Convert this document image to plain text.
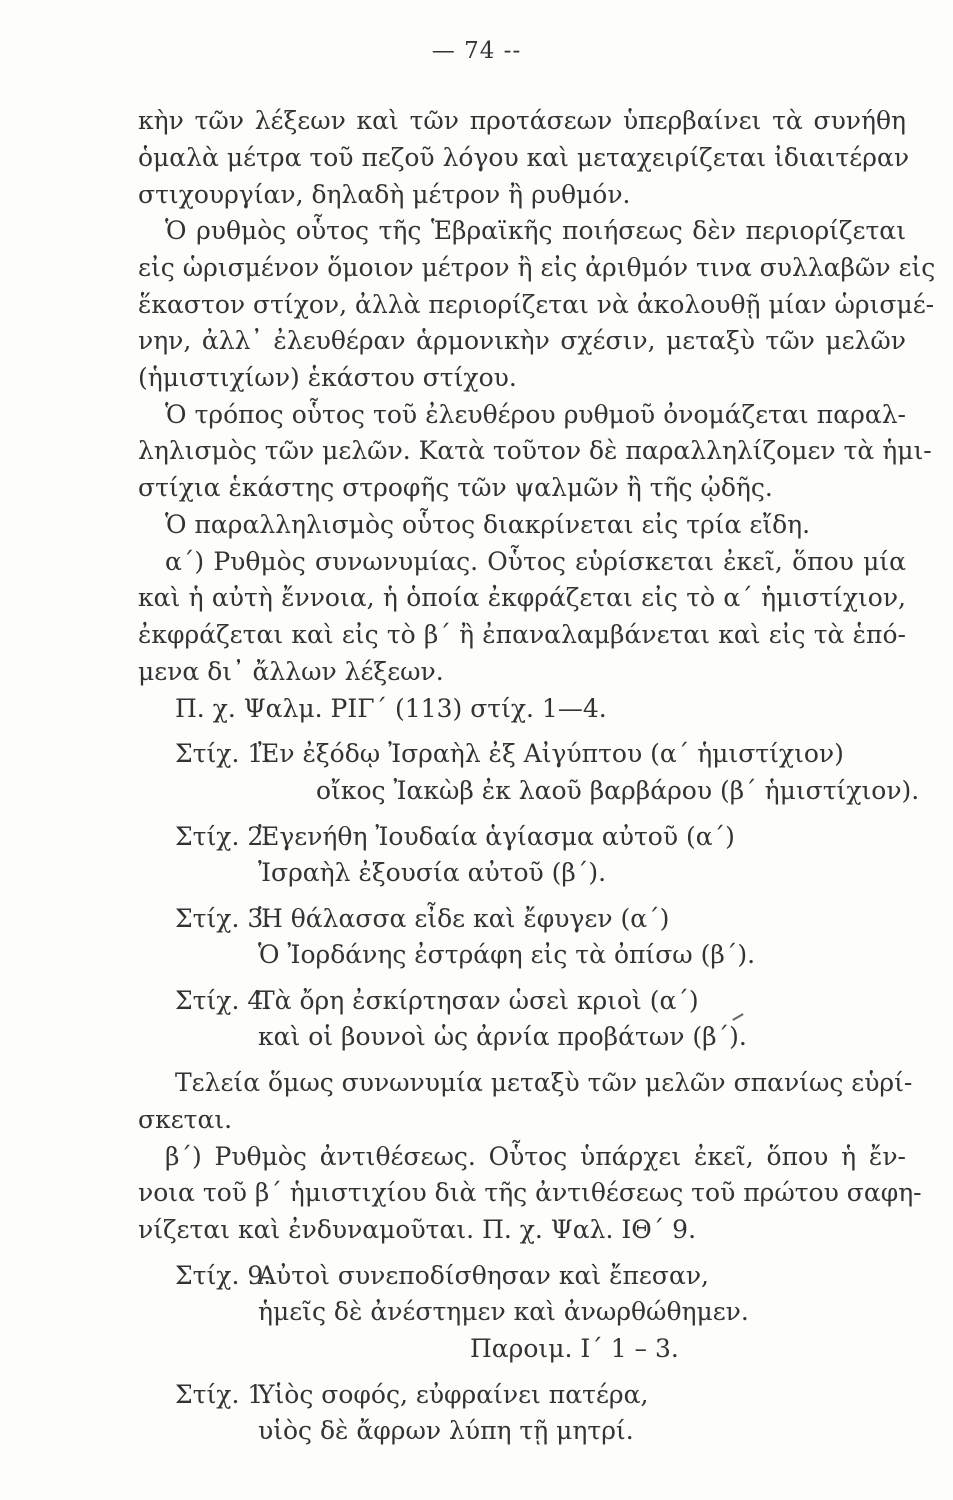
— 74 --
κὴν τῶν λέξεων καὶ τῶν προτάσεων ὑπερβαίνει τὰ συνήθη
ὁμαλὰ μέτρα τοῦ πεζοῦ λόγου καὶ μεταχειρίζεται ἰδιαιτέραν
στιχουργίαν, δηλαδὴ μέτρον ἢ ρυθμόν.
Ὁ ρυθμὸς οὗτος τῆς Ἑβραϊκῆς ποιήσεως δὲν περιορίζεται
εἰς ὡρισμένον ὅμοιον μέτρον ἢ εἰς ἀριθμόν τινα συλλαβῶν εἰς
ἕκαστον στίχον, ἀλλὰ περιορίζεται νὰ ἀκολουθῇ μίαν ὡρισμέ-
νην, ἀλλ᾿ ἐλευθέραν ἁρμονικὴν σχέσιν, μεταξὺ τῶν μελῶν
(ἡμιστιχίων) ἑκάστου στίχου.
Ὁ τρόπος οὗτος τοῦ ἐλευθέρου ρυθμοῦ ὀνομάζεται παραλ-
ληλισμὸς τῶν μελῶν. Κατὰ τοῦτον δὲ παραλληλίζομεν τὰ ἡμι-
στίχια ἑκάστης στροφῆς τῶν ψαλμῶν ἢ τῆς ᾠδῆς.
Ὁ παραλληλισμὸς οὗτος διακρίνεται εἰς τρία εἴδη.
α΄) Ρυθμὸς συνωνυμίας. Οὗτος εὑρίσκεται ἐκεῖ, ὅπου μία
καὶ ἡ αὐτὴ ἔννοια, ἡ ὁποία ἐκφράζεται εἰς τὸ α΄ ἡμιστίχιον,
ἐκφράζεται καὶ εἰς τὸ β΄ ἢ ἐπαναλαμβάνεται καὶ εἰς τὰ ἑπό-
μενα δι᾿ ἄλλων λέξεων.
Π. χ. Ψαλμ. ΡΙΓ΄ (113) στίχ. 1—4.
Στίχ. 1.Ἐν ἐξόδῳ Ἰσραὴλ ἐξ Αἰγύπτου (α΄ ἡμιστίχιον)
οἴκος Ἰακὼβ ἐκ λαοῦ βαρβάρου (β΄ ἡμιστίχιον).
Στίχ. 2.Ἐγενήθη Ἰουδαία ἁγίασμα αὐτοῦ (α΄)
Ἰσραὴλ ἐξουσία αὐτοῦ (β΄).
Στίχ. 3.Ἡ θάλασσα εἶδε καὶ ἔφυγεν (α΄)
Ὁ Ἰορδάνης ἐστράφη εἰς τὰ ὀπίσω (β΄).
Στίχ. 4.Τὰ ὄρη ἐσκίρτησαν ὡσεὶ κριοὶ (α΄)
καὶ οἱ βουνοὶ ὡς ἀρνία προβάτων (β΄).
Τελεία ὅμως συνωνυμία μεταξὺ τῶν μελῶν σπανίως εὑρί-
σκεται.
β΄) Ρυθμὸς ἀντιθέσεως. Οὗτος ὑπάρχει ἐκεῖ, ὅπου ἡ ἔν-
νοια τοῦ β΄ ἡμιστιχίου διὰ τῆς ἀντιθέσεως τοῦ πρώτου σαφη-
νίζεται καὶ ἐνδυναμοῦται. Π. χ. Ψαλ. ΙΘ΄ 9.
Στίχ. 9.Αὐτοὶ συνεποδίσθησαν καὶ ἔπεσαν,
ἡμεῖς δὲ ἀνέστημεν καὶ ἀνωρθώθημεν.
Παροιμ. Ι΄ 1 – 3.
Στίχ. 1.Υἱὸς σοφός, εὐφραίνει πατέρα,
υἱὸς δὲ ἄφρων λύπη τῇ μητρί.
